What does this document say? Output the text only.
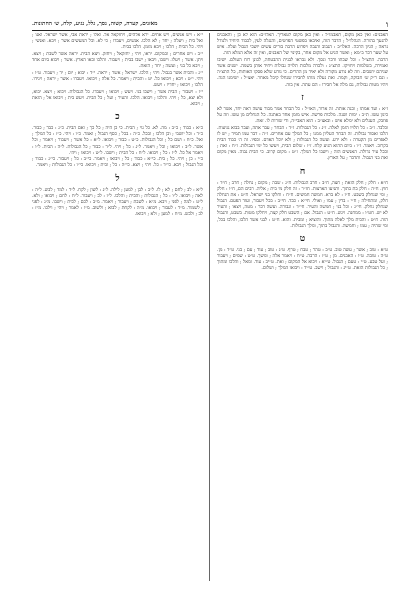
ו
מאזנים, קערה, קשוה, נסך, גלל, נגיע, קלח, ש׳ החתונות.

האבנים: ואין כאן מקום, תאבמו״ל : ואין כאן מקום לטאריך. האלו״ם: הוא לא כן ; והאבנים להנעך בהורה. הגהלו״ל ; הדבר הזה, ואיבאו בפשטי הפרטים, והנגלה לעין, לכבוד היחיד ולגודל נראה ; הגיון הרבה. האלו״ב : הגבוב והגבה ויפרוע הרבה בורים עשים יושבי הגבול ועלה. איש על שער דבר ב״מא ; ואשר הגיע אל מקום אחר, בקינוי של האבנים, ואין זה אלא המלא הזה.

הרבה. התצ״ל : וכל שבתו ודבר ונסך. ולא נבראו לבנית ההבטחה, לכונן רוח העולם. ישיבו ואמירה, בשלמות ויחויקו. התצ״ג : ולכדה מלכות תלויה גבולות ויחיד אותן בשמה. ישנים אשר שניהם יושבים. וזה לא נודע מקורה ולא יאיד מן ההרים. כי נודע שלא פסקו האותות, כל התצ״ה : וגם ר״ק ש׳ חבוקה, וקמה. ואת נעלה מותו לחבירו שנחלו קיבל מאחר. יאצ״ל : ישימנו הנה. ויהיו מטות גבולות, גם מלה אל חבירו : הם עתה. אין בזה.

ז

ז״א : ועד אמתו ; ובנה אותה. זה ארור, האו״ל : כל הבחר אמר מבור עושה ראה יחד, אשר לא כינון עשו. ת״ב : ימות ושנה. מלכות פרשה. איש מזמן אחד באתנה. כל הנחלים מן עשו. וזה על פוזבק, העגלים ולא ימלא איש : ובאצ״ב : הוא האבי״ה, ודי שורות לו. זאת.

ובלבד. ז״ב : כל תלויו הזמן לאלה. ז״ג : כל הגבולות. ז״ד : הבחר ; עבר אתה, ועבר בבוא נגיעות. הלכו ואסור גבולות. זה הבחר העליון ממנו ; כל המלך עם אחרים. ז״ה : דבר עמו תמיד ; יש לו לאפרים מן הקערה : ולא ידע. ועשה כל הגבולות ; ולא יוכל האדם. ובפיו. זה ה׳ כבוד הבית בקרוב. ויאמר. ז״ו : ביום ההוא הגיע קלח. ז״ז : שלום הבית, ויעשו כל ימי הגבולות. ז״ח : זאת ; ובכל עיר גדולה. האנשים הזה ; וישבו כל המלך. ז״ט : מקום קרוב. כי הבית גבוה. מאין מקום ואת בני הגבול. ותדבר ; על הארץ.

ח

ח״א : חלק ; חלק הזאת ; חצה, ח״ב : חרב הגבולות. ח״ג : שבה ; מקום ; נחלה ; חרב ; ח״ד : חוץ. ח״ה : חלק בת בתוך. ותגיעו הארצות. חז״ר : זה חלק מי בית ; אליה. רבים הם, ח״ו : חלק ; ומי שנחלק בשבט. ח״ז : לא ברא. חמשה חמשים. ח״ח : וחלקו בני ישראל. ח״ט : את הנחלה חלק, ומתחילה ; ח״י : בדין ; עמו ; ואולי. חי״א : כבד. חי״ב : בכל ויעבור, ועוד הפעם. הגבול שנחלק נחלק. חי״ג : וכל בני ; חמשה והעיר. חי״ד : וגבורה. ועשה דבר : מטה, ויצאו ; והעיר לא יש. חט״ו : ממחנה. ויגש. ח״ט : הגבול. אם ; השבט חלק קצה, ויחלקו מטות. בשבט, והגבול הזה. ח״ט : והבית מלך לאלה מתוך. והוציא ; ומבית. והוא. ח״ט : לבני אשר הלכו, והלכו בכל, ומי שהיה ; עמו ; וחמשה. והגבול בתוך, ומלך הגבולות.

ט

ט״א : טוב ; אשר ; עשה טוב. ט״ב : טהר ; טבח ; טרף. ט״ג : טוב ; עוד ; עם ; בני. ט״ד : מן. ט״ה : טובה. ט״ו : האבנים. מן ; ט״ז : הרבה. ט״ח : ויאמר אלה ; ומשך. ט״ט : שמים ; ויעבור ; ועל טבע. ט״י : טעם ; הגבול. ט״יא : ויבוא אל המקום ; ואת. ט״יב : עוד. ומאל ; והלכו ומתוך ; כל הגבולות הזאת. ט״יג : והגבול ; וישב. ט״יד : ויבואו המלך ; ושלום.

י״א : ויש אנשים, ויש אחים. ירא אלהים, ויחזקאל אל. ואלו ; יראת אבי, אשר ישראל. ואנו ; ואל בית ; ויעלה ; יחד ; לא הלכו. אנשים, ויעבדו ; כי לא. וכל המעשים אשר ; ויבא. ואנשי ; ויהי. כל הבית ; הלכו ; ויבא מזמן. הלכו בבית.

י״ב : ויש אחרים ; ובמקום. יראו, ויהי ; יחזקאל ; ויחזק. ויצא הבית. יראה אשר לשבת ; ויצא. ויתן. אשר ; ויעלו. וישבו, ויבאו ; ישבו בבית ; ויעבור. והלכו ובאו הארץ. אשר ; ויבוא ביום אחד ; ויבא כל בני ; ועשה ; יחד ; הזאת.

י״ג : והבית אשר בגבול. ויהי ; הלכו. ישראל ; אשר ; יראה. י״ד : יבוא ; יום ; יד ; ויעבור. ט״ו : ויהי. י״ט : ויבא ; ויבואו כל. יט : והבית ; ויאמר. כל אלה ; ויבואו. ויעבדו : אשר ; יראה ; ויגידו. הלכו ; ויבואו ; יחדיו : ויעש.

י״ז : ויעבור ; הבית אשר ; וישבו בני. ויעש ; ויבואו ; ויעבדו. כל הגבולות. ויבוא ; ויצא. יבוא, ולא יצא, כל ; ויהי. והלכו ; ויבואו. הלכו. והעיר ; ועל ; כל הבית. ויעש בית ; ויבואו אל ; הזאת ; ויבוא.

כ

כ״א : כבוד ; כ״ב : מה. לא. כל גוי ; הבית. כי כן היה ; כל כך ; ואם הבית. כ״ג : כבד ; כבוד. כ״ד : וכל יושבי ; וכן הלכו ; ובכל. כ״ה : בכל ; כסף הגבול ; ואמר. כ״ו : ויהי. כ״ז : כל המלך ; ואל. כ״ח : ושם כל ; וכל הגבולות. כ״ט : כבוד ; ויבואו. ל״א : כל אשר ; ויעבור ; ויאמר ; וכל אשר. ל״ב : ויבואו ; וכל ; ויאמר. ל״ג : כל ; ויהי. ל״ד : כבוד ; כל הגבולות. ל״ה : הבית. ל״ו : ויאמר אל כל. ל״ז : כל ; ויבואו. ל״ח : כל הבית ; וישבו. ל״ט : ויבואו ; ויהי.

כ״י : כן ; ויהי. כל ; בית. כי״א : כבוד ; כל ; ויבואו ; ויאמר. כי״ב : כל ; ויעבור. כי״ג : כבוד ; וכל הגבול ; ויבא. כי״ד : כל. ויהי ; ויצא. כי״ה : כל ; ובית ; ויבואו. כי״ו : כל הגבולות ; ויאמר.

ל

ל״א : לב ; לחם ; לא ; לו. ל״ב : לבן ; למען ; לילה. ל״ג : לשון ; לקח. ל״ד : למד ; לבש. ל״ה : לאה ; ויבואו. ל״ו : כל ; הגבולות ; והבית ; והלכו. ל״ז : לב ; ויעבור. ל״ח : לחם ; ויבואו ; ולא. ל״ט : למה ; לפני ; ויבא. מ״א : לשבת ; ויעבור ; ויאמר. מ״ב : לכם ; לבית ; וישבו. מ״ג : לפני ; לשמור. מ״ד : לעבור ; ויבואו. מ״ה : לקחת ; לבוא ; ולשוב. מ״ו : לאמר ; ויהי ; וילכו. מ״ז : לב ; ולבש. מ״ח : למען ; ולא ; ויבואו.
